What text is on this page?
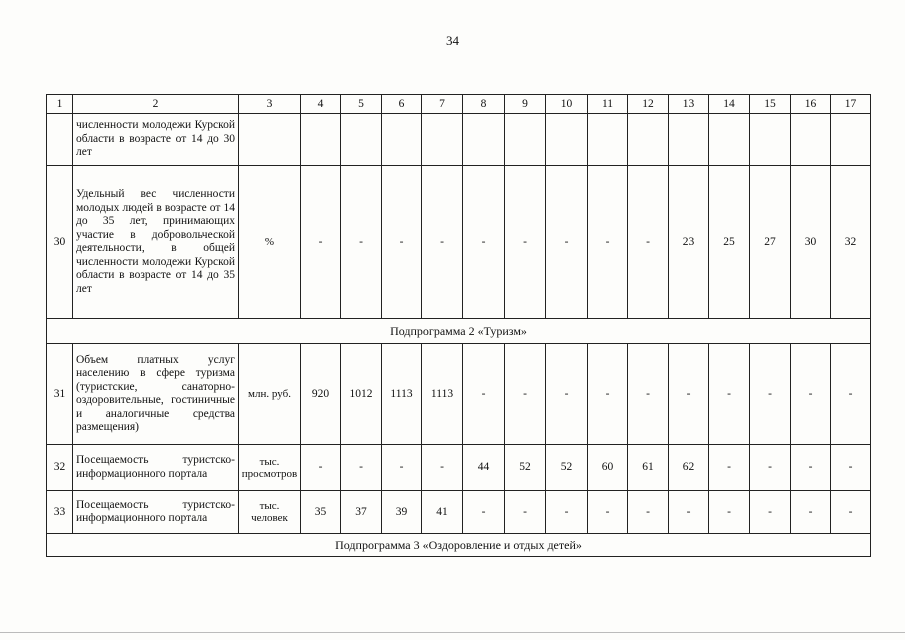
34
1	2	3	4	5	6	7	8	9	10	11	12	13	14	15	16	17
	численности молодежи Курской области в возрасте от 14 до 30 лет															
30	Удельный вес численности молодых людей в возрасте от 14 до 35 лет, принимающих участие в добровольческой деятельности, в общей численности молодежи Курской области в возрасте от 14 до 35 лет	%	-	-	-	-	-	-	-	-	-	23	25	27	30	32
Подпрограмма 2 «Туризм»																
31	Объем платных услуг населению в сфере туризма (туристские, санаторно-оздоровительные, гостиничные и аналогичные средства размещения)	млн. руб.	920	1012	1113	1113	-	-	-	-	-	-	-	-	-	-
32	Посещаемость туристско-информационного портала	тыс. просмотров	-	-	-	-	44	52	52	60	61	62	-	-	-	-
33	Посещаемость туристско-информационного портала	тыс. человек	35	37	39	41	-	-	-	-	-	-	-	-	-	-
Подпрограмма 3 «Оздоровление и отдых детей»																
